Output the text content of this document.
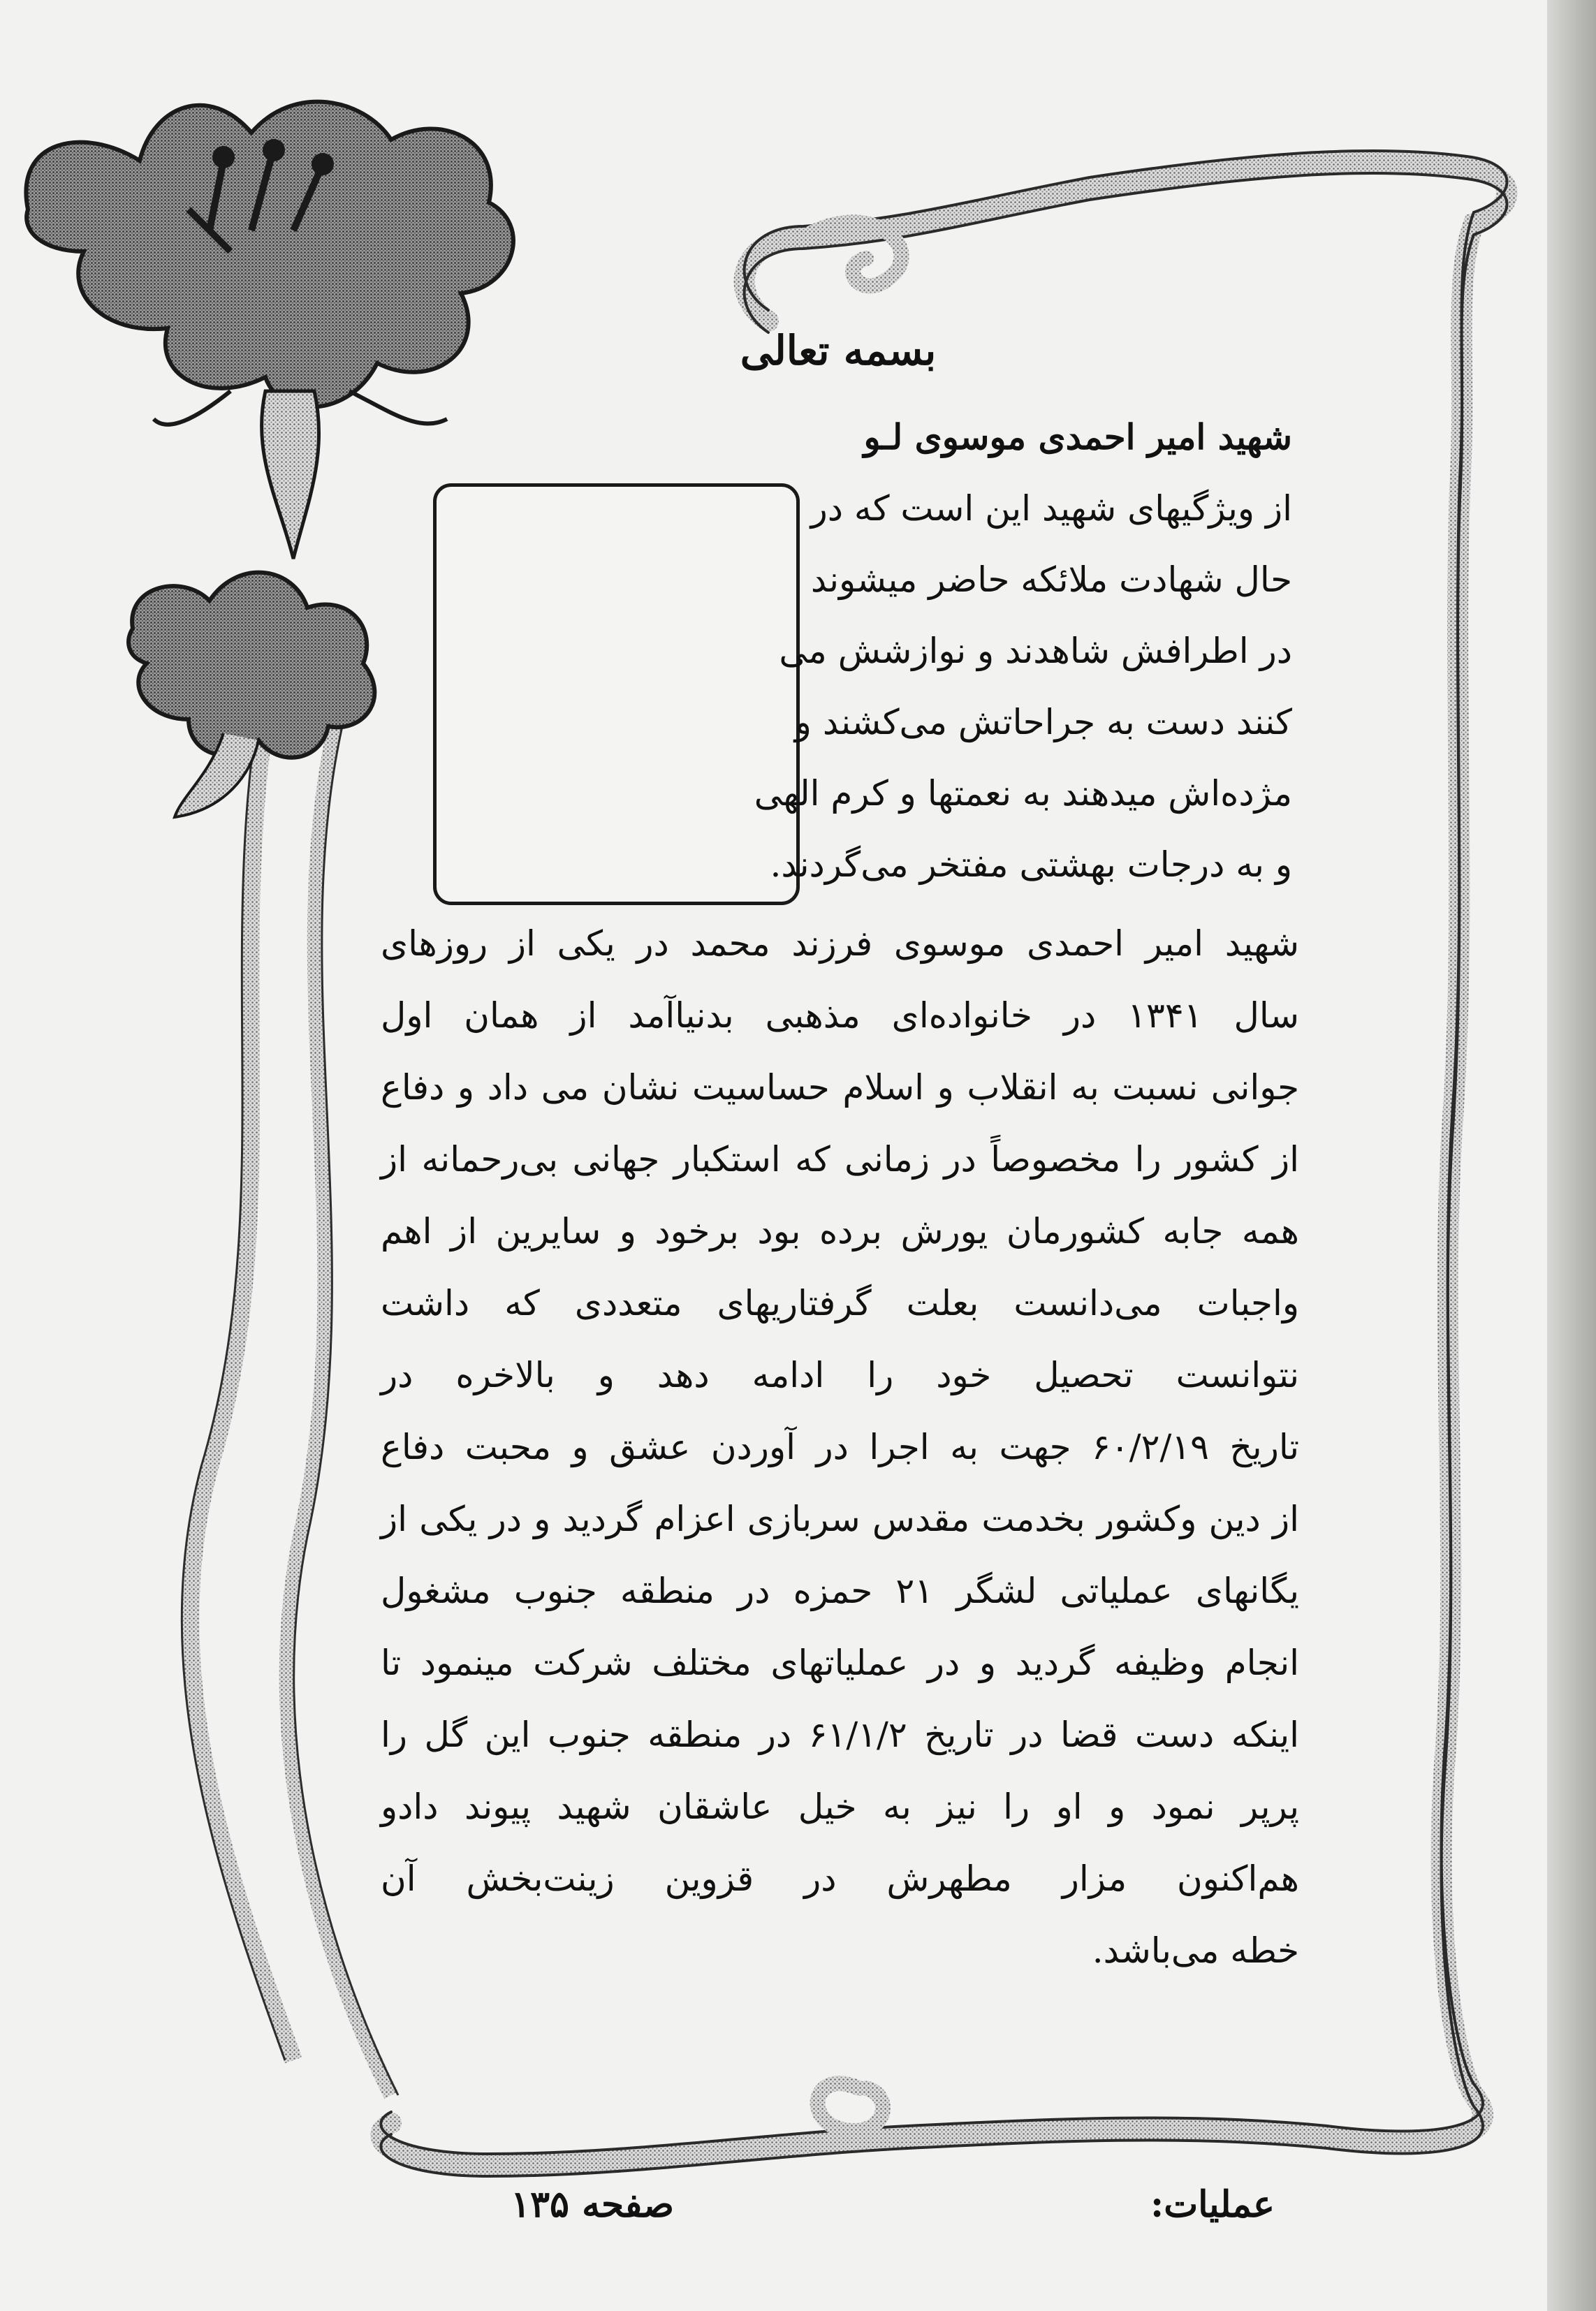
بسمه تعالی
شهید امیر احمدی موسوی لـو
از ویژگیهای شهید این است که در
حال شهادت ملائکه حاضر میشوند
در اطرافش شاهدند و نوازشش می
کنند دست به جراحاتش می‌کشند و
مژده‌اش میدهند به نعمتها و کرم الهی
و به درجات بهشتی مفتخر می‌گردند.
شهید امیر احمدی موسوی فرزند محمد در یکی از روزهای
سال ۱۳۴۱ در خانواده‌ای مذهبی بدنیاآمد از همان اول
جوانی نسبت به انقلاب و اسلام حساسیت نشان می داد و دفاع
از کشور را مخصوصاً در زمانی که استکبار جهانی بی‌رحمانه از
همه جابه کشورمان یورش برده بود برخود و سایرین از اهم
واجبات می‌دانست بعلت گرفتاریهای متعددی که داشت
نتوانست تحصیل خود را ادامه دهد و بالاخره در
تاریخ ۶۰/۲/۱۹ جهت به اجرا در آوردن عشق و محبت دفاع
از دین وکشور بخدمت مقدس سربازی اعزام گردید و در یکی از
یگانهای عملیاتی لشگر ۲۱ حمزه در منطقه جنوب مشغول
انجام وظیفه گردید و در عملیاتهای مختلف شرکت مینمود تا
اینکه دست قضا در تاریخ ۶۱/۱/۲ در منطقه جنوب این گل را
پرپر نمود و او را نیز به خیل عاشقان شهید پیوند دادو
هم‌اکنون مزار مطهرش در قزوین زینت‌بخش آن
خطه می‌باشد.
عملیات:
صفحه ۱۳۵
